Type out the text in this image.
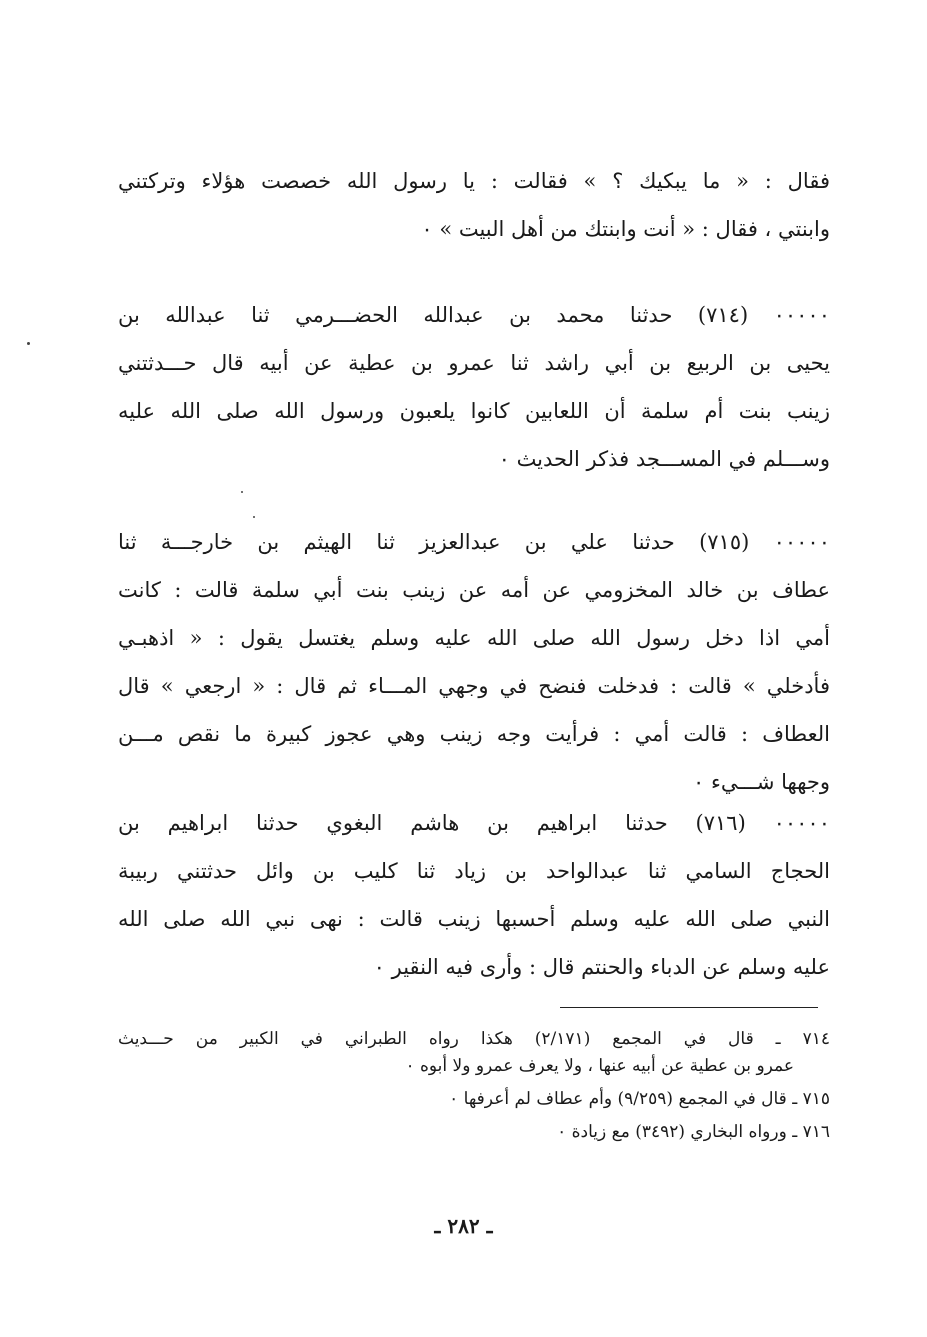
فقال : « ما يبكيك ؟ » فقالت : يا رسول الله خصصت هؤلاء وتركتني
وابنتي ، فقال : « أنت وابنتك من أهل البيت » ٠
٠٠٠٠٠ (٧١٤) حدثنا محمد بن عبدالله الحضـــرمي ثنا عبدالله بن
يحيى بن الربيع بن أبي راشد ثنا عمرو بن عطية عن أبيه قال حـــدثتني
زينب بنت أم سلمة أن اللعابين كانوا يلعبون ورسول الله صلى الله عليه
وســـلم في المســـجد فذكر الحديث ٠
٠٠٠٠٠ (٧١٥) حدثنا علي بن عبدالعزيز ثنا الهيثم بن خارجـــة ثنا
عطاف بن خالد المخزومي عن أمه عن زينب بنت أبي سلمة قالت : كانت
أمي اذا دخل رسول الله صلى الله عليه وسلم يغتسل يقول : « اذهبـي
فأدخلي » قالت : فدخلت فنضح في وجهي المـــاء ثم قال : « ارجعي » قال
العطاف : قالت أمي : فرأيت وجه زينب وهي عجوز كبيرة ما نقص مـــن
وجهها شـــيء ٠
٠٠٠٠٠ (٧١٦) حدثنا ابراهيم بن هاشم البغوي حدثنا ابراهيم بن
الحجاج السامي ثنا عبدالواحد بن زياد ثنا كليب بن وائل حدثتني ربيبة
النبي صلى الله عليه وسلم أحسبها زينب قالت : نهى نبي الله صلى الله
عليه وسلم عن الدباء والحنتم قال : وأرى فيه النقير ٠
٧١٤ ـ قال في المجمع (٢/١٧١) هكذا رواه الطبراني في الكبير من حـــديث
عمرو بن عطية عن أبيه عنها ، ولا يعرف عمرو ولا أبوه ٠
٧١٥ ـ قال في المجمع (٩/٢٥٩) وأم عطاف لم أعرفها ٠
٧١٦ ـ ورواه البخاري (٣٤٩٢) مع زيادة ٠
ـ ٢٨٢ ـ
